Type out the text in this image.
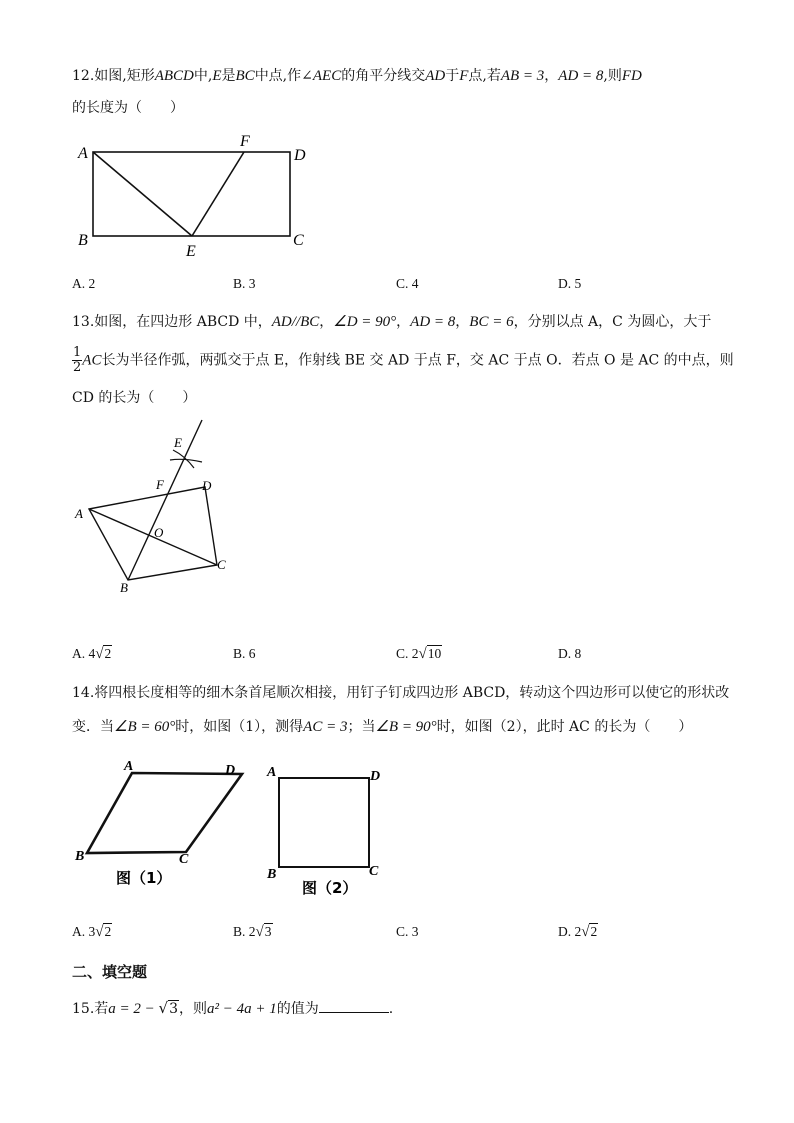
12.如图,矩形ABCD中,E是BC中点,作∠AEC的角平分线交AD于F点,若AB = 3，AD = 8,则FD
的长度为（　　）
A
F
D
B
E
C
A. 2	B. 3	C. 4	D. 5
13.如图，在四边形 ABCD 中，AD//BC，∠D = 90°，AD = 8，BC = 6，分别以点 A，C 为圆心，大于
$\frac{1}{2}$ AC长为半径作弧，两弧交于点 E，作射线 BE 交 AD 于点 F，交 AC 于点 O．若点 O 是 AC 的中点，则
CD 的长为（　　）
E
F	D
A
O
C
B
A. 4√2	B. 6	C. 2√10	D. 8
14.将四根长度相等的细木条首尾顺次相接，用钉子钉成四边形 ABCD，转动这个四边形可以使它的形状改
变．当∠B = 60°时，如图（1），测得AC = 3；当∠B = 90°时，如图（2），此时 AC 的长为（　　）
A	D
B	C
图（1）
A	D
B	C
图（2）
A. 3√2	B. 2√3	C. 3	D. 2√2
二、填空题
15.若a = 2 − √3，则a² − 4a + 1的值为	.
